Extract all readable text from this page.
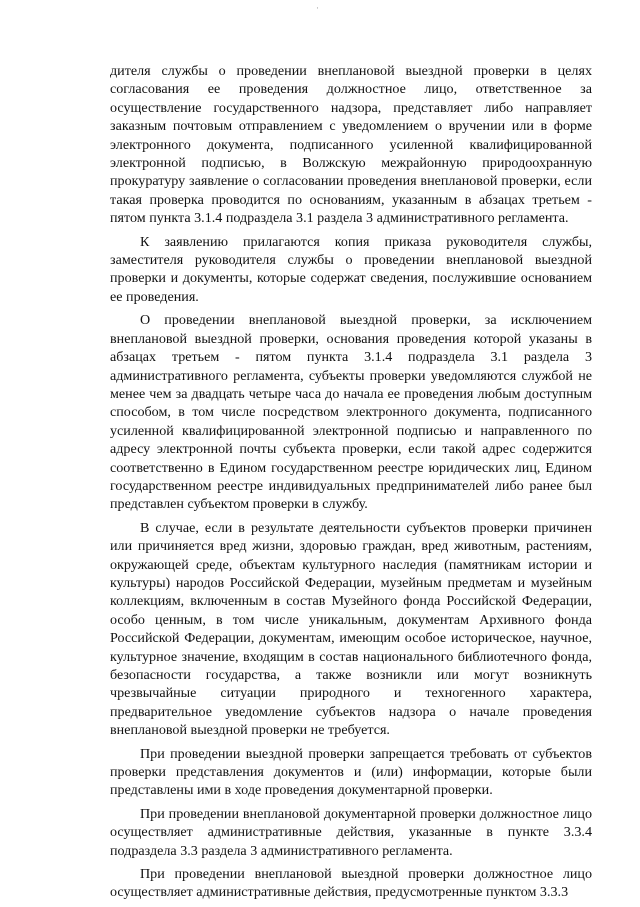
·

дителя службы о проведении внеплановой выездной проверки в целях согласования ее проведения должностное лицо, ответственное за осуществление государственного надзора, представляет либо направляет заказным почтовым отправлением с уведомлением о вручении или в форме электронного документа, подписанного усиленной квалифицированной электронной подписью, в Волжскую межрайонную природоохранную прокуратуру заявление о согласовании проведения внеплановой проверки, если такая проверка проводится по основаниям, указанным в абзацах третьем - пятом пункта 3.1.4 подраздела 3.1 раздела 3 административного регламента.

К заявлению прилагаются копия приказа руководителя службы, заместителя руководителя службы о проведении внеплановой выездной проверки и документы, которые содержат сведения, послужившие основанием ее проведения.

О проведении внеплановой выездной проверки, за исключением внеплановой выездной проверки, основания проведения которой указаны в абзацах третьем - пятом пункта 3.1.4 подраздела 3.1 раздела 3 административного регламента, субъекты проверки уведомляются службой не менее чем за двадцать четыре часа до начала ее проведения любым доступным способом, в том числе посредством электронного документа, подписанного усиленной квалифицированной электронной подписью и направленного по адресу электронной почты субъекта проверки, если такой адрес содержится соответственно в Едином государственном реестре юридических лиц, Едином государственном реестре индивидуальных предпринимателей либо ранее был представлен субъектом проверки в службу.

В случае, если в результате деятельности субъектов проверки причинен или причиняется вред жизни, здоровью граждан, вред животным, растениям, окружающей среде, объектам культурного наследия (памятникам истории и культуры) народов Российской Федерации, музейным предметам и музейным коллекциям, включенным в состав Музейного фонда Российской Федерации, особо ценным, в том числе уникальным, документам Архивного фонда Российской Федерации, документам, имеющим особое историческое, научное, культурное значение, входящим в состав национального библиотечного фонда, безопасности государства, а также возникли или могут возникнуть чрезвычайные ситуации природного и техногенного характера, предварительное уведомление субъектов надзора о начале проведения внеплановой выездной проверки не требуется.

При проведении выездной проверки запрещается требовать от субъектов проверки представления документов и (или) информации, которые были представлены ими в ходе проведения документарной проверки.

При проведении внеплановой документарной проверки должностное лицо осуществляет административные действия, указанные в пункте 3.3.4 подраздела 3.3 раздела 3 административного регламента.

При проведении внеплановой выездной проверки должностное лицо осуществляет административные действия, предусмотренные пунктом 3.3.3
